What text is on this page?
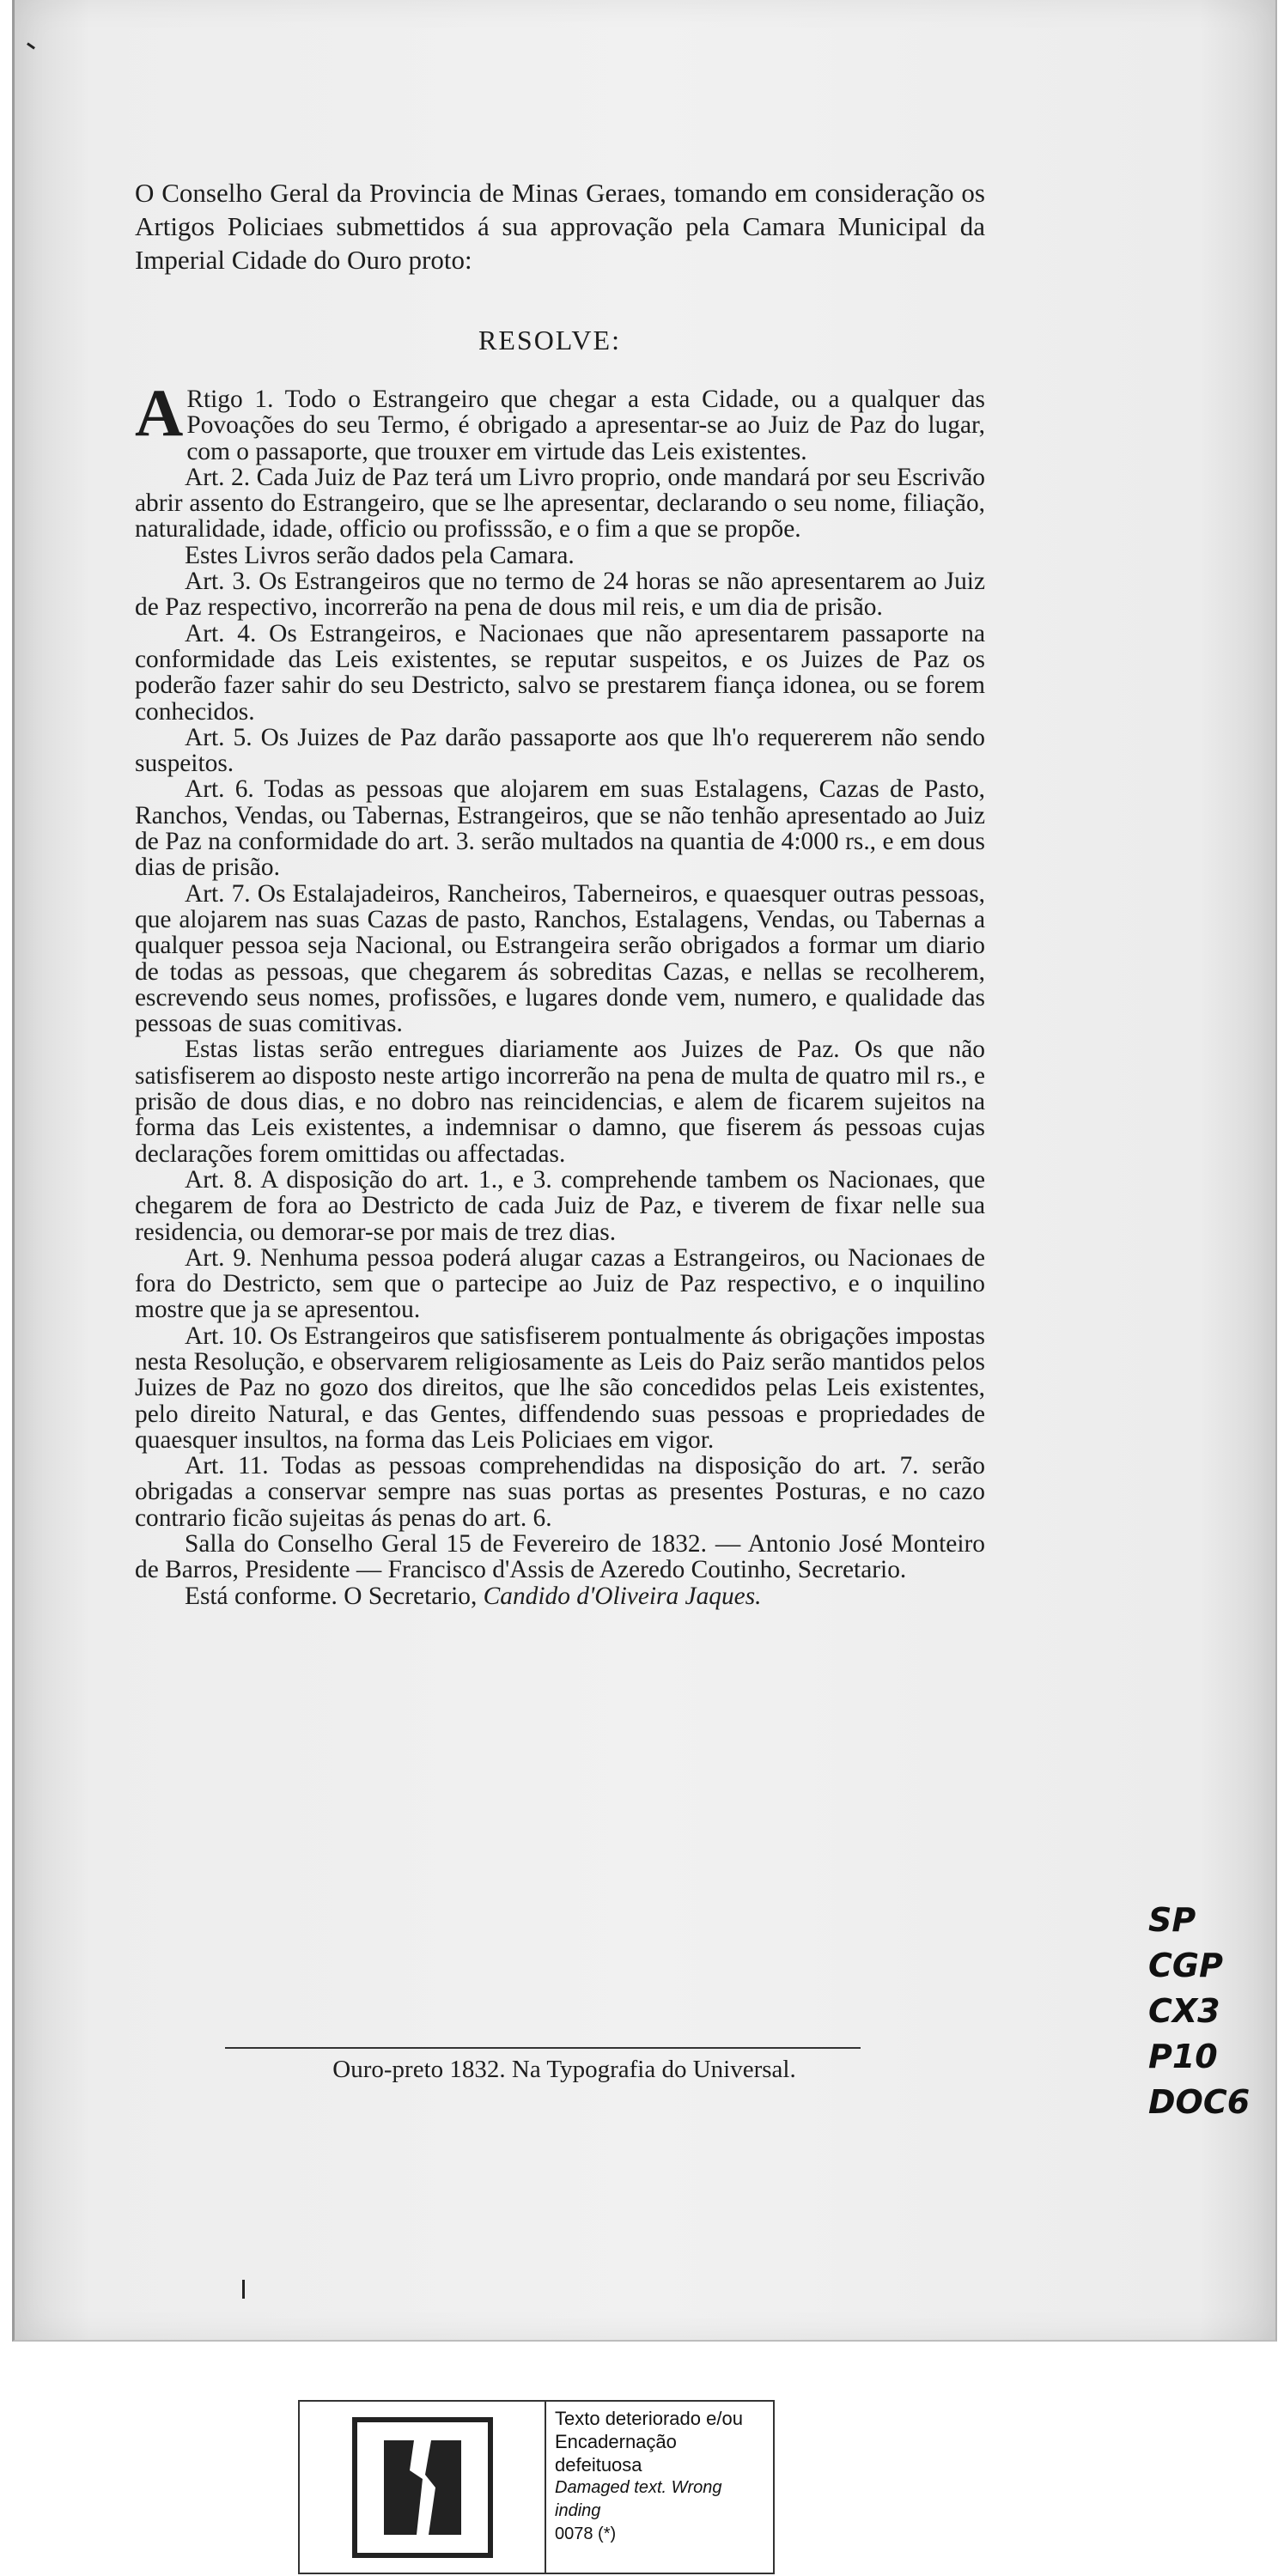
O Conselho Geral da Provincia de Minas Geraes, tomando em consideração os Artigos Policiaes submettidos á sua approvação pela Camara Municipal da Imperial Cidade do Ouro proto:
RESOLVE:

A Rtigo 1. Todo o Estrangeiro que chegar a esta Cidade, ou a qualquer das Povoações do seu Termo, é obrigado a apresentar-se ao Juiz de Paz do lugar, com o passaporte, que trouxer em virtude das Leis existentes.

Art. 2. Cada Juiz de Paz terá um Livro proprio, onde mandará por seu Escrivão abrir assento do Estrangeiro, que se lhe apresentar, declarando o seu nome, filiação, naturalidade, idade, officio ou profisssão, e o fim a que se propõe.

Estes Livros serão dados pela Camara.

Art. 3. Os Estrangeiros que no termo de 24 horas se não apresentarem ao Juiz de Paz respectivo, incorrerão na pena de dous mil reis, e um dia de prisão.

Art. 4. Os Estrangeiros, e Nacionaes que não apresentarem passaporte na conformidade das Leis existentes, se reputar suspeitos, e os Juizes de Paz os poderão fazer sahir do seu Destricto, salvo se prestarem fiança idonea, ou se forem conhecidos.

Art. 5. Os Juizes de Paz darão passaporte aos que lh'o requererem não sendo suspeitos.

Art. 6. Todas as pessoas que alojarem em suas Estalagens, Cazas de Pasto, Ranchos, Vendas, ou Tabernas, Estrangeiros, que se não tenhão apresentado ao Juiz de Paz na conformidade do art. 3. serão multados na quantia de 4:000 rs., e em dous dias de prisão.

Art. 7. Os Estalajadeiros, Rancheiros, Taberneiros, e quaesquer outras pessoas, que alojarem nas suas Cazas de pasto, Ranchos, Estalagens, Vendas, ou Tabernas a qualquer pessoa seja Nacional, ou Estrangeira serão obrigados a formar um diario de todas as pessoas, que chegarem ás sobreditas Cazas, e nellas se recolherem, escrevendo seus nomes, profissões, e lugares donde vem, numero, e qualidade das pessoas de suas comitivas.

Estas listas serão entregues diariamente aos Juizes de Paz. Os que não satisfiserem ao disposto neste artigo incorrerão na pena de multa de quatro mil rs., e prisão de dous dias, e no dobro nas reincidencias, e alem de ficarem sujeitos na forma das Leis existentes, a indemnisar o damno, que fiserem ás pessoas cujas declarações forem omittidas ou affectadas.

Art. 8. A disposição do art. 1., e 3. comprehende tambem os Nacionaes, que chegarem de fora ao Destricto de cada Juiz de Paz, e tiverem de fixar nelle sua residencia, ou demorar-se por mais de trez dias.

Art. 9. Nenhuma pessoa poderá alugar cazas a Estrangeiros, ou Nacionaes de fora do Destricto, sem que o partecipe ao Juiz de Paz respectivo, e o inquilino mostre que ja se apresentou.

Art. 10. Os Estrangeiros que satisfiserem pontualmente ás obrigações impostas nesta Resolução, e observarem religiosamente as Leis do Paiz serão mantidos pelos Juizes de Paz no gozo dos direitos, que lhe são concedidos pelas Leis existentes, pelo direito Natural, e das Gentes, diffendendo suas pessoas e propriedades de quaesquer insultos, na forma das Leis Policiaes em vigor.

Art. 11. Todas as pessoas comprehendidas na disposição do art. 7. serão obrigadas a conservar sempre nas suas portas as presentes Posturas, e no cazo contrario ficão sujeitas ás penas do art. 6.

Salla do Conselho Geral 15 de Fevereiro de 1832. — Antonio José Monteiro de Barros, Presidente — Francisco d'Assis de Azeredo Coutinho, Secretario.

Está conforme. O Secretario, Candido d'Oliveira Jaques.

Ouro-preto 1832. Na Typografia do Universal.
SP
CGP
CX3
P10
DOC6
Texto deteriorado e/ou
Encadernação defeituosa
Damaged text. Wrong inding
0078 (*)
